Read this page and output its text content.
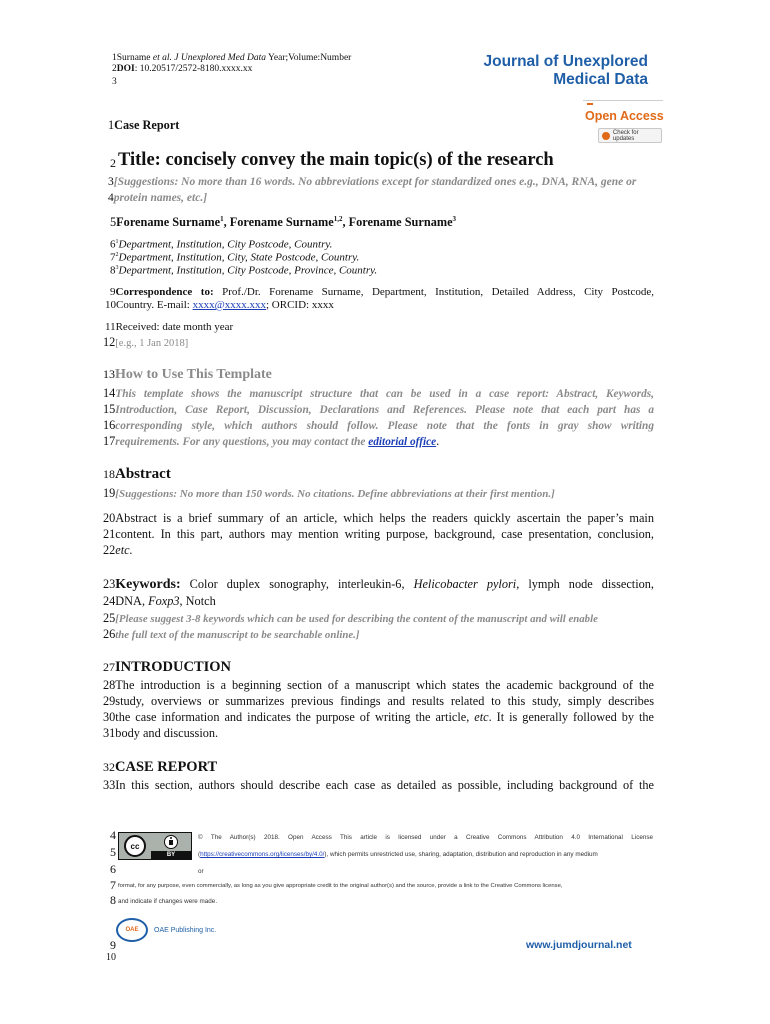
1Surname et al. J Unexplored Med Data Year;Volume:Number
2DOI: 10.20517/2572-8180.xxxx.xx
3
Journal of Unexplored
Medical Data
Open Access
Check for updates
1Case Report
2 Title: concisely convey the main topic(s) of the research
3[Suggestions: No more than 16 words. No abbreviations except for standardized ones e.g., DNA, RNA, gene or
4protein names, etc.]
5Forename Surname$^1$, Forename Surname$^{1,2}$, Forename Surname$^3$
$6^1Department$, Institution, City Postcode, Country.
$7^2Department$, Institution, City, State Postcode, Country.
$8^3Department$, Institution, City Postcode, Province, Country.
9Correspondence to: Prof./Dr. Forename Surname, Department, Institution, Detailed Address, City Postcode,
10Country. E-mail: xxxx@xxxx.xxx; ORCID: xxxx
11Received: date month year
12[e.g., 1 Jan 2018]
13How to Use This Template
14This template shows the manuscript structure that can be used in a case report: Abstract, Keywords,
15Introduction, Case Report, Discussion, Declarations and References. Please note that each part has a
16corresponding style, which authors should follow. Please note that the fonts in gray show writing
17requirements. For any questions, you may contact the editorial office.
18Abstract
19[Suggestions: No more than 150 words. No citations. Define abbreviations at their first mention.]
20Abstract is a brief summary of an article, which helps the readers quickly ascertain the paper’s main
21content. In this part, authors may mention writing purpose, background, case presentation, conclusion,
22etc.
23Keywords: Color duplex sonography, interleukin-6, Helicobacter pylori, lymph node dissection,
24DNA, Foxp3, Notch
25[Please suggest 3-8 keywords which can be used for describing the content of the manuscript and will enable
26the full text of the manuscript to be searchable online.]
27INTRODUCTION
28The introduction is a beginning section of a manuscript which states the academic background of the
29study, overviews or summarizes previous findings and results related to this study, simply describes
30the case information and indicates the purpose of writing the article, etc. It is generally followed by the
31body and discussion.
32CASE REPORT
33In this section, authors should describe each case as detailed as possible, including background of the
4
5
6
7
8
9
10
cc
BY
© The Author(s) 2018. Open Access This article is licensed under a Creative Commons Attribution 4.0 International License
(https://creativecommons.org/licenses/by/4.0/), which permits unrestricted use, sharing, adaptation, distribution and reproduction in any medium
or
format, for any purpose, even commercially, as long as you give appropriate credit to the original author(s) and the source, provide a link to the Creative Commons license,
and indicate if changes were made.
OAE	OAE Publishing Inc.
www.jumdjournal.net
